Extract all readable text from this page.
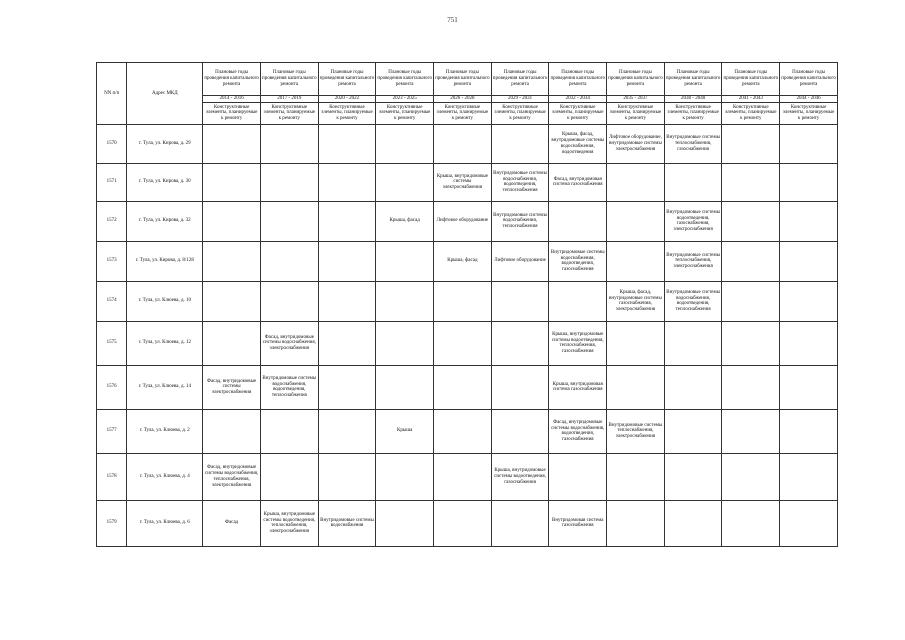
751
NN п/п	Адрес МКД	Плановые годы проведения капитального ремонта	Плановые годы проведения капитального ремонта	Плановые годы проведения капитального ремонта	Плановые годы проведения капитального ремонта	Плановые годы проведения капитального ремонта	Плановые годы проведения капитального ремонта	Плановые годы проведения капитального ремонта	Плановые годы проведения капитального ремонта	Плановые годы проведения капитального ремонта	Плановые годы проведения капитального ремонта	Плановые годы проведения капитального ремонта
		2014 - 2016	2017 - 2019	2020 - 2022	2023 - 2025	2026 - 2028	2029 - 2031	2032 - 2034	2035 - 2037	2038 - 2040	2041 - 2043	2044 - 2046
		Конструктивные элементы, планируемые к ремонту	Конструктивные элементы, планируемые к ремонту	Конструктивные элементы, планируемые к ремонту	Конструктивные элементы, планируемые к ремонту	Конструктивные элементы, планируемые к ремонту	Конструктивные элементы, планируемые к ремонту	Конструктивные элементы, планируемые к ремонту	Конструктивные элементы, планируемые к ремонту	Конструктивные элементы, планируемые к ремонту	Конструктивные элементы, планируемые к ремонту	Конструктивные элементы, планируемые к ремонту
1570	г. Тула, ул. Кирова, д. 29							Крыша, фасад, внутридомовые системы водоснабжения, водоотведения	Лифтовое оборудование, внутридомовые системы электроснабжения	Внутридомовые системы теплоснабжения, газоснабжения		
1571	г. Тула, ул. Кирова, д. 30					Крыша, внутридомовые системы электроснабжения	Внутридомовые системы водоснабжения, водоотведения, теплоснабжения	Фасад, внутридомовая система газоснабжения				
1572	г. Тула, ул. Кирова, д. 32				Крыша, фасад	Лифтовое оборудование	Внутридомовые системы водоснабжения, теплоснабжения			Внутридомовые системы водоотведения, газоснабжения, электроснабжения		
1573	г. Тула, ул. Кирова, д. 8/128					Крыша, фасад	Лифтовое оборудование	Внутридомовые системы водоснабжения, водоотведения, газоснабжения		Внутридомовые системы теплоснабжения, электроснабжения		
1574	г. Тула, ул. Клюева, д. 10								Крыша, фасад, внутридомовые системы газоснабжения, электроснабжения	Внутридомовые системы водоснабжения, водоотведения, теплоснабжения		
1575	г. Тула, ул. Клюева, д. 12		Фасад, внутридомовые системы водоснабжения, электроснабжения					Крыша, внутридомовые системы водоотведения, теплоснабжения, газоснабжения				
1576	г. Тула, ул. Клюева, д. 14	Фасад, внутридомовые системы электроснабжения	Внутридомовые системы водоснабжения, водоотведения, теплоснабжения					Крыша, внутридомовая система газоснабжения				
1577	г. Тула, ул. Клюева, д. 2				Крыша			Фасад, внутридомовые системы водоснабжения, водоотведения, газоснабжения	Внутридомовые системы теплоснабжения, электроснабжения			
1578	г. Тула, ул. Клюева, д. 4	Фасад, внутридомовые системы водоснабжения, теплоснабжения, электроснабжения					Крыша, внутридомовые системы водоотведения, газоснабжения					
1579	г. Тула, ул. Клюева, д. 6	Фасад	Крыша, внутридомовые системы водоотведения, теплоснабжения, электроснабжения	Внутридомовые системы водоснабжения				Внутридомовая система газоснабжения				
